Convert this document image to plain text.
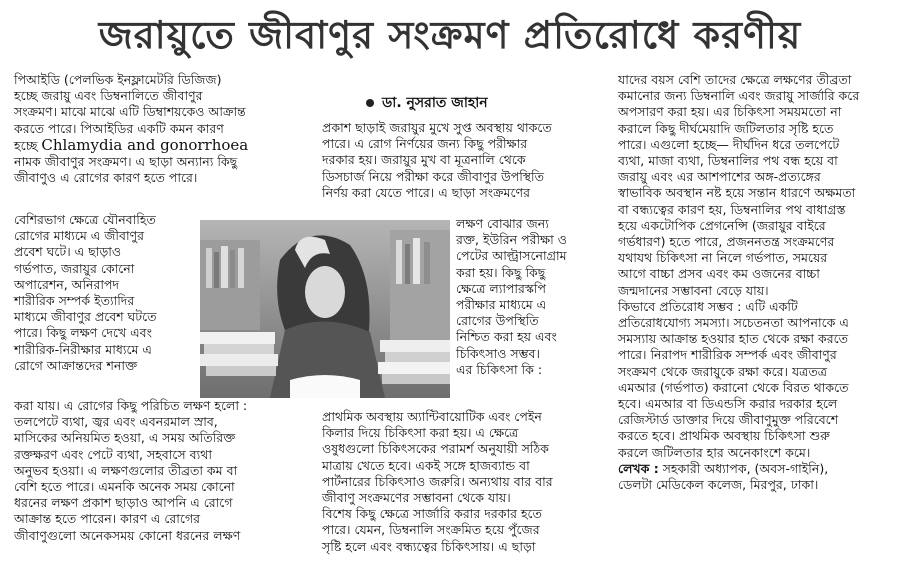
জরায়ুতে জীবাণুর সংক্রমণ প্রতিরোধে করণীয়

পিআইডি (পেলভিক ইনফ্লামেটরি ডিজিজ)

হচ্ছে জরায়ু এবং ডিম্বনালিতে জীবাণুর

সংক্রমণ। মাঝে মাঝে এটি ডিম্বাশয়কেও আক্রান্ত

করতে পারে। পিআইডির একটি কমন কারণ

হচ্ছে Chlamydia and gonorrhoea

নামক জীবাণুর সংক্রমণ। এ ছাড়া অন্যান্য কিছু

জীবাণুও এ রোগের কারণ হতে পারে।

বেশিরভাগ ক্ষেত্রে যৌনবাহিত

রোগের মাধ্যমে এ জীবাণুর

প্রবেশ ঘটে। এ ছাড়াও

গর্ভপাত, জরায়ুর কোনো

অপারেশন, অনিরাপদ

শারীরিক সম্পর্ক ইত্যাদির

মাধ্যমে জীবাণুর প্রবেশ ঘটতে

পারে। কিছু লক্ষণ দেখে এবং

শারীরিক-নিরীক্ষার মাধ্যমে এ

রোগে আক্রান্তদের শনাক্ত

করা যায়। এ রোগের কিছু পরিচিত লক্ষণ হলো :

তলপেটে ব্যথা, জ্বর এবং এবনরমাল স্রাব,

মাসিকের অনিয়মিত হওয়া, এ সময় অতিরিক্ত

রক্তক্ষরণ এবং পেটে ব্যথা, সহবাসে ব্যথা

অনুভব হওয়া। এ লক্ষণগুলোর তীব্রতা কম বা

বেশি হতে পারে। এমনকি অনেক সময় কোনো

ধরনের লক্ষণ প্রকাশ ছাড়াও আপনি এ রোগে

আক্রান্ত হতে পারেন। কারণ এ রোগের

জীবাণুগুলো অনেকসময় কোনো ধরনের লক্ষণ

ডা. নুসরাত জাহান

প্রকাশ ছাড়াই জরায়ুর মুখে সুপ্ত অবস্থায় থাকতে

পারে। এ রোগ নির্ণয়ের জন্য কিছু পরীক্ষার

দরকার হয়। জরায়ুর মুখ বা মূত্রনালি থেকে

ডিসচার্জ নিয়ে পরীক্ষা করে জীবাণুর উপস্থিতি

নির্ণয় করা যেতে পারে। এ ছাড়া সংক্রমণের

লক্ষণ বোঝার জন্য

রক্ত, ইউরিন পরীক্ষা ও

পেটের আল্ট্রাসনোগ্রাম

করা হয়। কিছু কিছু

ক্ষেত্রে ল্যাপারস্কপি

পরীক্ষার মাধ্যমে এ

রোগের উপস্থিতি

নিশ্চিত করা হয় এবং

চিকিৎসাও সম্ভব।

এর চিকিৎসা কি :

প্রাথমিক অবস্থায় অ্যান্টিবায়োটিক এবং পেইন

কিলার দিয়ে চিকিৎসা করা হয়। এ ক্ষেত্রে

ওষুধগুলো চিকিৎসকের পরামর্শ অনুযায়ী সঠিক

মাত্রায় খেতে হবে। একই সঙ্গে হাজব্যান্ড বা

পার্টনারের চিকিৎসাও জরুরি। অন্যথায় বার বার

জীবাণু সংক্রমণের সম্ভাবনা থেকে যায়।

বিশেষ কিছু ক্ষেত্রে সার্জারি করার দরকার হতে

পারে। যেমন, ডিম্বনালি সংক্রমিত হয়ে পুঁজের

সৃষ্টি হলে এবং বন্ধ্যত্বের চিকিৎসায়। এ ছাড়া

যাদের বয়স বেশি তাদের ক্ষেত্রে লক্ষণের তীব্রতা

কমানোর জন্য ডিম্বনালি এবং জরায়ু সার্জারি করে

অপসারণ করা হয়। এর চিকিৎসা সময়মতো না

করালে কিছু দীর্ঘমেয়াদি জটিলতার সৃষ্টি হতে

পারে। এগুলো হচ্ছে— দীর্ঘদিন ধরে তলপেটে

ব্যথা, মাজা ব্যথা, ডিম্বনালির পথ বন্ধ হয়ে বা

জরায়ু এবং এর আশপাশের অঙ্গ-প্রত্যঙ্গের

স্বাভাবিক অবস্থান নষ্ট হয়ে সন্তান ধারণে অক্ষমতা

বা বন্ধ্যত্বের কারণ হয়, ডিম্বনালির পথ বাধাগ্রস্ত

হয়ে একটোপিক প্রেগনেন্সি (জরায়ুর বাইরে

গর্ভধারণ) হতে পারে, প্রজননতন্ত্র সংক্রমণের

যথাযথ চিকিৎসা না নিলে গর্ভপাত, সময়ের

আগে বাচ্চা প্রসব এবং কম ওজনের বাচ্চা

জন্মদানের সম্ভাবনা বেড়ে যায়।

কিভাবে প্রতিরোধ সম্ভব : এটি একটি

প্রতিরোধযোগ্য সমস্যা। সচেতনতা আপনাকে এ

সমস্যায় আক্রান্ত হওয়ার হাত থেকে রক্ষা করতে

পারে। নিরাপদ শারীরিক সম্পর্ক এবং জীবাণুর

সংক্রমণ থেকে জরায়ুকে রক্ষা করে। যত্রতত্র

এমআর (গর্ভপাত) করানো থেকে বিরত থাকতে

হবে। এমআর বা ডিএন্ডসি করার দরকার হলে

রেজিস্টার্ড ডাক্তার দিয়ে জীবাণুমুক্ত পরিবেশে

করতে হবে। প্রাথমিক অবস্থায় চিকিৎসা শুরু

করলে জটিলতার হার অনেকাংশে কমে।

লেখক : সহকারী অধ্যাপক, (অবস-গাইনি),

ডেলটা মেডিকেল কলেজ, মিরপুর, ঢাকা।
